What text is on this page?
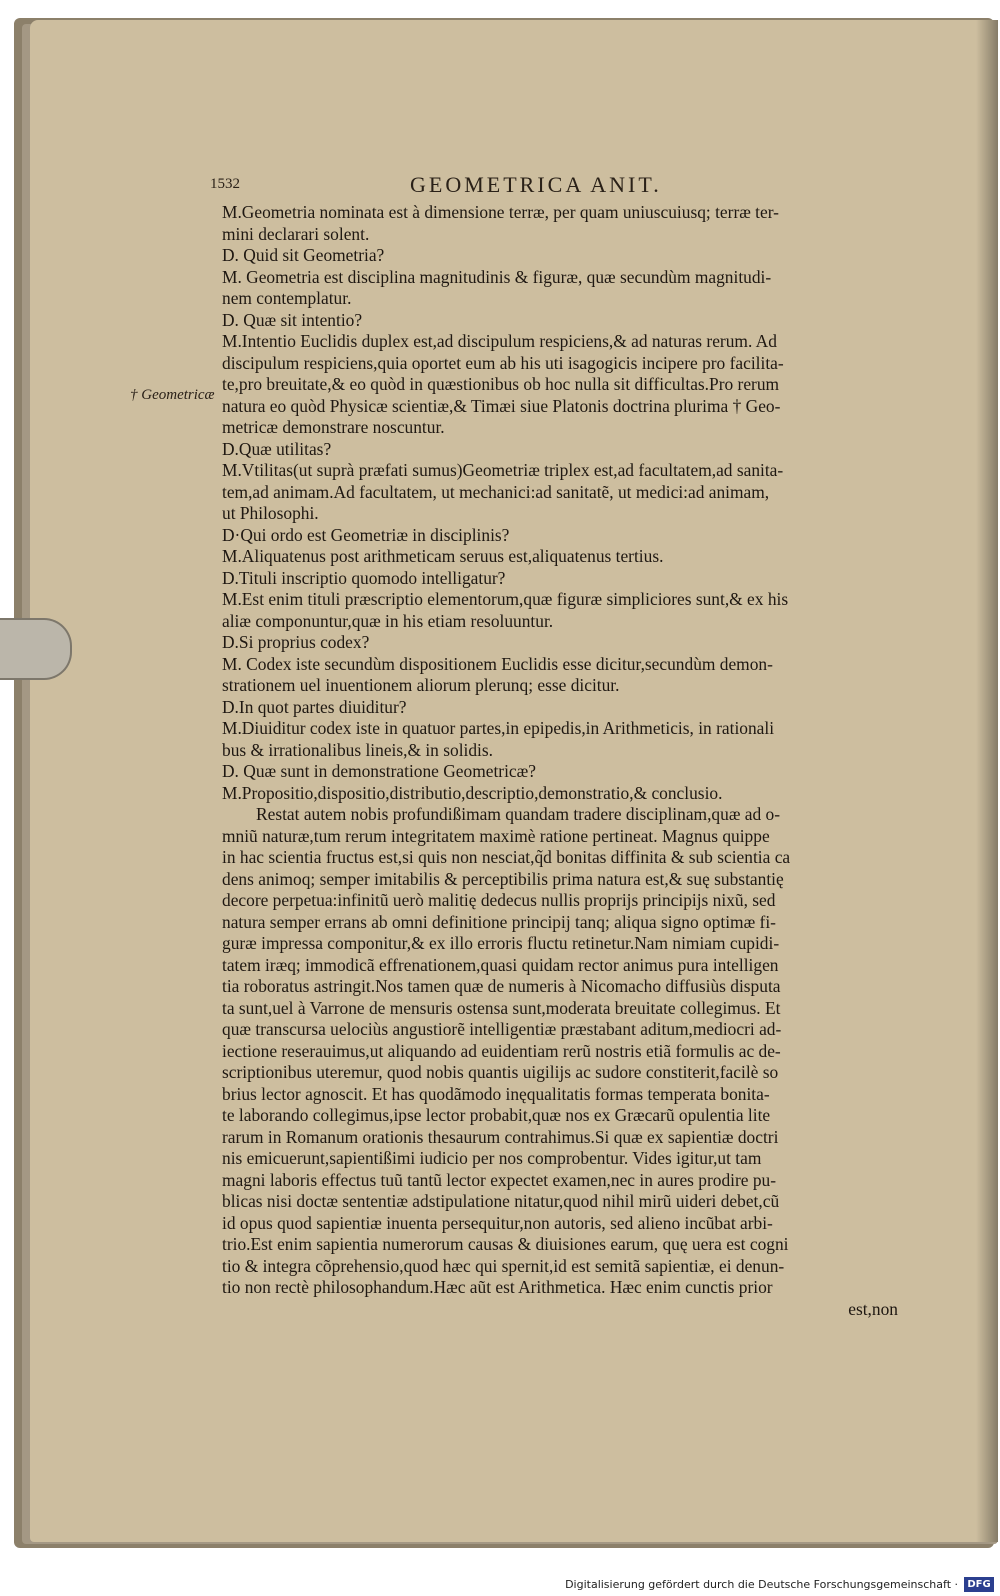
1532	GEOMETRICA ANIT.
† Geometricæ
M.Geometria nominata est à dimensione terræ, per quam uniuscuiusq; terræ ter-
mini declarari solent.
D. Quid sit Geometria?
M. Geometria est disciplina magnitudinis & figuræ, quæ secundùm magnitudi-
nem contemplatur.
D. Quæ sit intentio?
M.Intentio Euclidis duplex est,ad discipulum respiciens,& ad naturas rerum. Ad
discipulum respiciens,quia oportet eum ab his uti isagogicis incipere pro facilita-
te,pro breuitate,& eo quòd in quæstionibus ob hoc nulla sit difficultas.Pro rerum
natura eo quòd Physicæ scientiæ,& Timæi siue Platonis doctrina plurima † Geo-
metricæ demonstrare noscuntur.
D.Quæ utilitas?
M.Vtilitas(ut suprà præfati sumus)Geometriæ triplex est,ad facultatem,ad sanita-
tem,ad animam.Ad facultatem, ut mechanici:ad sanitatẽ, ut medici:ad animam,
ut Philosophi.
D·Qui ordo est Geometriæ in disciplinis?
M.Aliquatenus post arithmeticam seruus est,aliquatenus tertius.
D.Tituli inscriptio quomodo intelligatur?
M.Est enim tituli præscriptio elementorum,quæ figuræ simpliciores sunt,& ex his
aliæ componuntur,quæ in his etiam resoluuntur.
D.Si proprius codex?
M. Codex iste secundùm dispositionem Euclidis esse dicitur,secundùm demon-
strationem uel inuentionem aliorum plerunq; esse dicitur.
D.In quot partes diuiditur?
M.Diuiditur codex iste in quatuor partes,in epipedis,in Arithmeticis, in rationali
bus & irrationalibus lineis,& in solidis.
D. Quæ sunt in demonstratione Geometricæ?
M.Propositio,dispositio,distributio,descriptio,demonstratio,& conclusio.
Restat autem nobis profundißimam quandam tradere disciplinam,quæ ad o-
mniũ naturæ,tum rerum integritatem maximè ratione pertineat. Magnus quippe
in hac scientia fructus est,si quis non nesciat,q̃d bonitas diffinita & sub scientia ca
dens animoq; semper imitabilis & perceptibilis prima natura est,& suę substantię
decore perpetua:infinitũ uerò malitię dedecus nullis proprijs principijs nixũ, sed
natura semper errans ab omni definitione principij tanq; aliqua signo optimæ fi-
guræ impressa componitur,& ex illo erroris fluctu retinetur.Nam nimiam cupidi-
tatem iræq; immodicã effrenationem,quasi quidam rector animus pura intelligen
tia roboratus astringit.Nos tamen quæ de numeris à Nicomacho diffusiùs disputa
ta sunt,uel à Varrone de mensuris ostensa sunt,moderata breuitate collegimus. Et
quæ transcursa uelociùs angustiorẽ intelligentiæ præstabant aditum,mediocri ad-
iectione reserauimus,ut aliquando ad euidentiam rerũ nostris etiã formulis ac de-
scriptionibus uteremur, quod nobis quantis uigilijs ac sudore constiterit,facilè so
brius lector agnoscit. Et has quodãmodo inęqualitatis formas temperata bonita-
te laborando collegimus,ipse lector probabit,quæ nos ex Græcarũ opulentia lite
rarum in Romanum orationis thesaurum contrahimus.Si quæ ex sapientiæ doctri
nis emicuerunt,sapientißimi iudicio per nos comprobentur. Vides igitur,ut tam
magni laboris effectus tuũ tantũ lector expectet examen,nec in aures prodire pu-
blicas nisi doctæ sententiæ adstipulatione nitatur,quod nihil mirũ uideri debet,cũ
id opus quod sapientiæ inuenta persequitur,non autoris, sed alieno incũbat arbi-
trio.Est enim sapientia numerorum causas & diuisiones earum, quę uera est cogni
tio & integra cõprehensio,quod hæc qui spernit,id est semitã sapientiæ, ei denun-
tio non rectè philosophandum.Hæc aũt est Arithmetica. Hæc enim cunctis prior
est,non
Digitalisierung gefördert durch die Deutsche Forschungsgemeinschaft · DFG
